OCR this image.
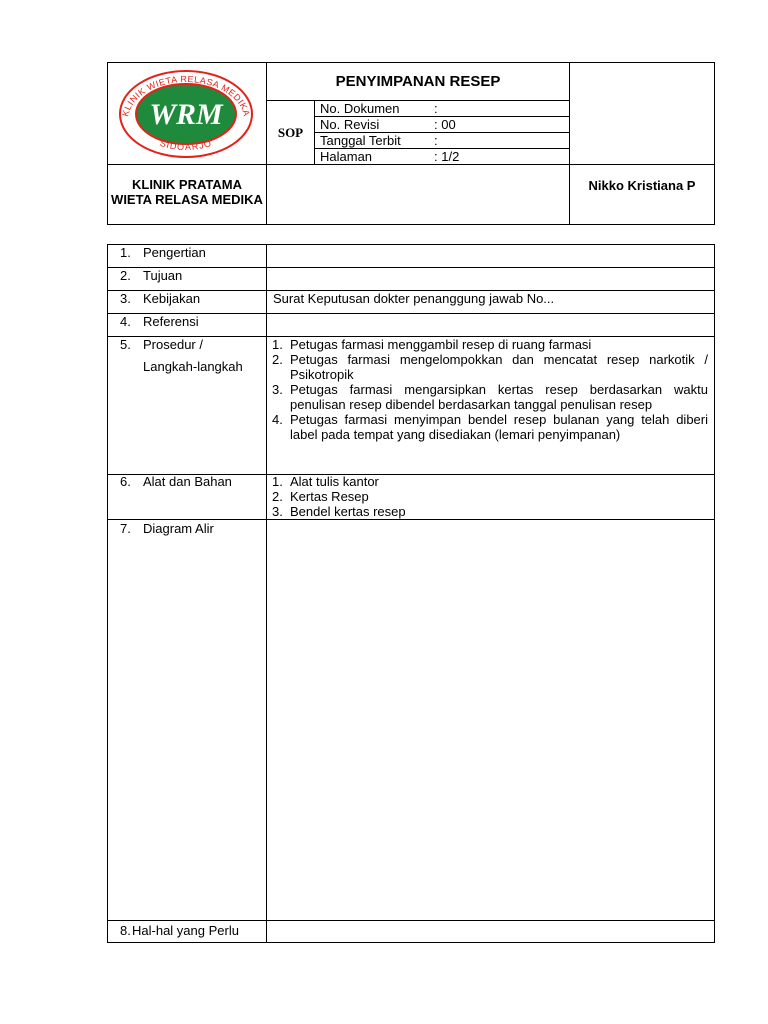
KLINIK WIETA RELASA MEDIKA
SIDOARJO
WRM
PENYIMPANAN RESEP
SOP
No. Dokumen	:
No. Revisi	: 00
Tanggal Terbit	:
Halaman	: 1/2
KLINIK PRATAMA WIETA RELASA MEDIKA
Nikko Kristiana P
1. Pengertian
2. Tujuan
3. Kebijakan	Surat Keputusan dokter penanggung jawab No...
4. Referensi
5. Prosedur /
Langkah-langkah
1. Petugas farmasi menggambil resep di ruang farmasi
2. Petugas farmasi mengelompokkan dan mencatat resep narkotik / Psikotropik
3. Petugas farmasi mengarsipkan kertas resep berdasarkan waktu penulisan resep dibendel berdasarkan tanggal penulisan resep
4. Petugas farmasi menyimpan bendel resep bulanan yang telah diberi label pada tempat yang disediakan (lemari penyimpanan)
6. Alat dan Bahan	1. Alat tulis kantor
2. Kertas Resep
3. Bendel kertas resep
7. Diagram Alir
8. Hal-hal yang Perlu
